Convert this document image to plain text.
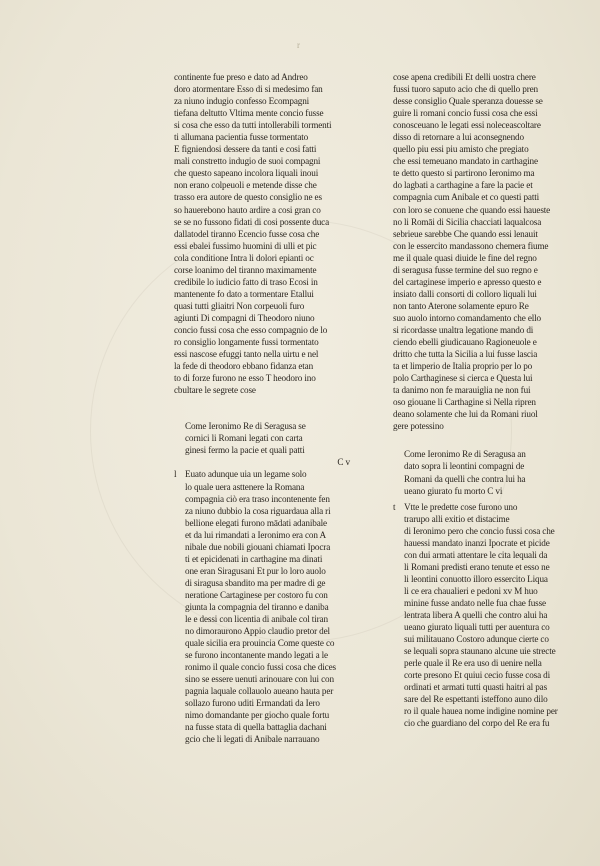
r
continente fue preso e dato ad Andreo
doro atormentare Esso di si medesimo fan
za niuno indugio confesso Ecompagni
tiefana deltutto Vltima mente concio fusse
si cosa che esso da tutti intollerabili tormenti
ti allumana pacientia fusse tormentato
E figniendosi dessere da tanti e cosi fatti
mali constretto indugio de suoi compagni
che questo sapeano incolora liquali inoui
non erano colpeuoli e metende disse che
trasso era autore de questo consiglio ne es
so hauerebono hauto ardire a cosi gran co
se se no fussono fidati di cosi possente duca
dallatodel tiranno Ecencio fusse cosa che
essi ebalei fussimo huomini di ulli et pic
cola conditione Intra li dolori epianti oc
corse loanimo del tiranno maximamente
credibile lo iudicio fatto di traso Ecosi in
mantenente fo dato a tormentare Etallui
quasi tutti gliaitri Non corpeuoli furo
agiunti Di compagni di Theodoro niuno
concio fussi cosa che esso compagnio de lo
ro consiglio longamente fussi tormentato
essi nascose efuggi tanto nella uirtu e nel
la fede di theodoro ebbano fidanza etan
to di forze furono ne esso T heodoro ino
cbultare le segrete cose
Come Ieronimo Re di Seragusa se
cornici li Romani legati con carta
ginesi fermo la pacie et quali patti
C v
l Euato adunque uia un legame solo
lo quale uera asttenere la Romana
compagnia ciò era traso incontenente fen
za niuno dubbio la cosa riguardaua alla ri
bellione elegati furono mādati adanibale
et da lui rimandati a Ieronimo era con A
nibale due nobili giouani chiamati Ipocra
ti et epicidenati in carthagine ma dinati
one eran Siragusani Et pur lo loro auolo
di siragusa sbandito ma per madre di ge
neratione Cartaginese per costoro fu con
giunta la compagnia del tiranno e daniba
le e dessi con licentia di anibale col tiran
no dimoraurono Appio claudio pretor del
quale sicilia era prouincia Come queste co
se furono incontanente mando legati a le
ronimo il quale concio fussi cosa che dices
sino se essere uenuti arinouare con lui con
pagnia laquale collauolo aueano hauta per
sollazo furono uditi Ermandati da Iero
nimo domandante per giocho quale fortu
na fusse stata di quella battaglia dachani
gcio che li legati di Anibale narrauano
cose apena credibili Et delli uostra chere
fussi tuoro saputo acio che di quello pren
desse consiglio Quale speranza douesse se
guire li romani concio fussi cosa che essi
conosceuano le legati essi noleceascoltare
disso di retornare a lui aconsegnendo
quello piu essi piu amisto che pregiato
che essi temeuano mandato in carthagine
te detto questo si partirono Ieronimo ma
do lagbati a carthagine a fare la pacie et
compagnia cum Anibale et co questi patti
con loro se conuene che quando essi haueste
no li Romāi di Sicilia chacciati laqualcosa
sebrieue sarebbe Che quando essi lenauit
con le essercito mandassono chemera fiume
me il quale quasi diuide le fine del regno
di seragusa fusse termine del suo regno e
del cartaginese imperio e apresso questo e
insiato dalli consorti di colloro liquali lui
non tanto Aterone solamente epuro Re
suo auolo intorno comandamento che ello
si ricordasse unaltra legatione mando di
ciendo ebelli giudicauano Ragioneuole e
dritto che tutta la Sicilia a lui fusse lascia
ta et limperio de Italia proprio per lo po
polo Carthaginese si cierca e Questa lui
ta danimo non fe marauiglia ne non fui
oso giouane li Carthagine si Nella ripren
deano solamente che lui da Romani riuol
gere potessino
Come Ieronimo Re di Seragusa an
dato sopra li leontini compagni de
Romani da quelli che contra lui ha
ueano giurato fu morto C vi
t Vtte le predette cose furono uno
trarupo alli exitio et distacime
di Ieronimo pero che concio fussi cosa che
hauessi mandato inanzi Ipocrate et picide
con dui armati attentare le cita lequali da
li Romani predisti erano tenute et esso ne
li leontini conuotto illoro essercito Liqua
li ce era chaualieri e pedoni xv M huo
minine fusse andato nelle fua chae fusse
lentrata libera A quelli che contro alui ha
ueano giurato liquali tutti per auentura co
sui militauano Costoro adunque cierte co
se lequali sopra staunano alcune uie strecte
perle quale il Re era uso di uenire nella
corte presono Et quiui cecio fusse cosa di
ordinati et armati tutti quasti haitri al pas
sare del Re espettanti isteffono auno dilo
ro il quale hauea nome indigine nomine per
cio che guardiano del corpo del Re era fu
